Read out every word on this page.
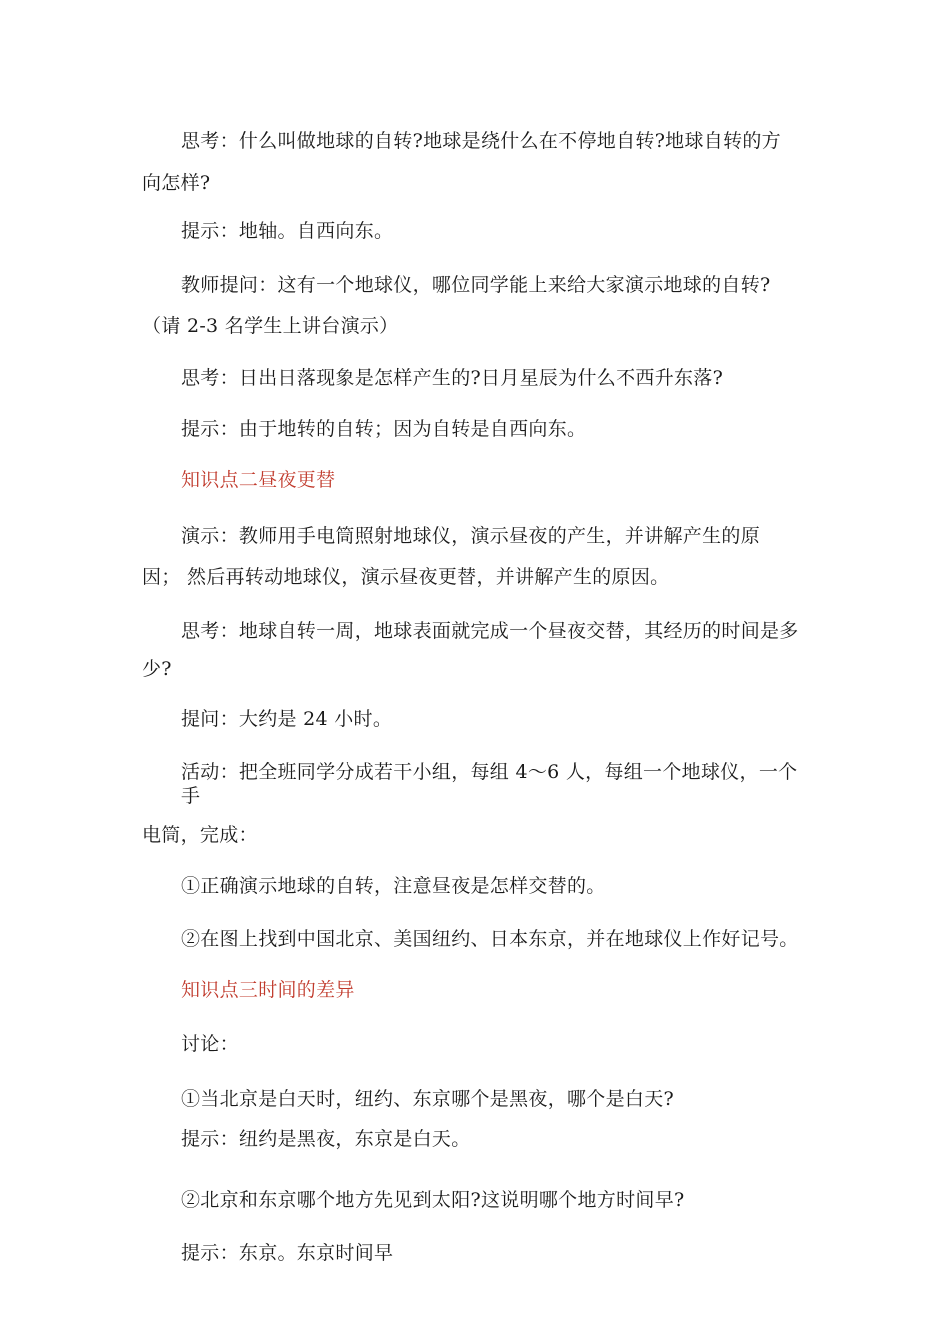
思考：什么叫做地球的自转?地球是绕什么在不停地自转?地球自转的方
向怎样?
提示：地轴。自西向东。
教师提问：这有一个地球仪，哪位同学能上来给大家演示地球的自转?
（请 2-3 名学生上讲台演示）
思考：日出日落现象是怎样产生的?日月星辰为什么不西升东落?
提示：由于地转的自转；因为自转是自西向东。
知识点二昼夜更替
演示：教师用手电筒照射地球仪，演示昼夜的产生，并讲解产生的原
因； 然后再转动地球仪，演示昼夜更替，并讲解产生的原因。
思考：地球自转一周，地球表面就完成一个昼夜交替，其经历的时间是多
少?
提问：大约是 24 小时。
活动：把全班同学分成若干小组，每组 4～6 人，每组一个地球仪，一个
手
电筒，完成：
①正确演示地球的自转，注意昼夜是怎样交替的。
②在图上找到中国北京、美国纽约、日本东京，并在地球仪上作好记号。
知识点三时间的差异
讨论：
①当北京是白天时，纽约、东京哪个是黑夜，哪个是白天?
提示：纽约是黑夜，东京是白天。
②北京和东京哪个地方先见到太阳?这说明哪个地方时间早?
提示：东京。东京时间早
